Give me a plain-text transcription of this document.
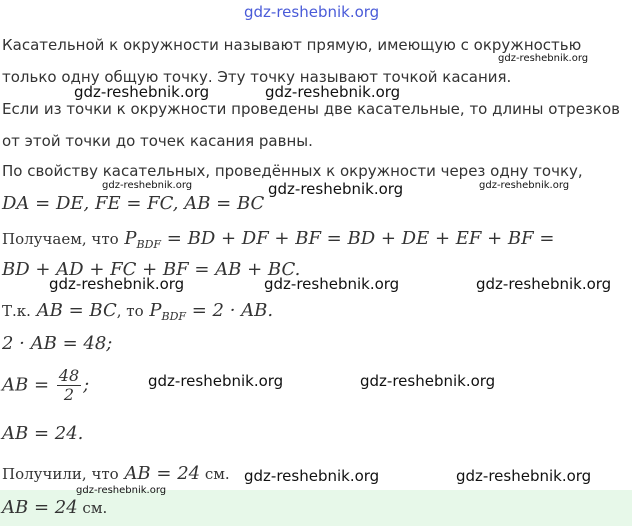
gdz-reshebnik.org
Касательной к окружности называют прямую, имеющую с окружностью
только одну общую точку. Эту точку называют точкой касания.
Если из точки к окружности проведены две касательные, то длины отрезков
от этой точки до точек касания равны.
По свойству касательных, проведённых к окружности через одну точку,
DA = DE, FE = FC, AB = BC
Получаем, что $P_{BDF}$ = BD + DF + BF = BD + DE + EF + BF =
BD + AD + FC + BF = AB + BC.
Т.к. AB = BC, то $P_{BDF} = 2$ · AB.
2 · AB = 48;
AB = $\frac{48}{2}$ ;
AB = 24.
Получили, что AB = 24 см.
AB = 24 см.
gdz-reshebnik.org
gdz-reshebnik.org	gdz-reshebnik.org
gdz-reshebnik.org	gdz-reshebnik.org	gdz-reshebnik.org
gdz-reshebnik.org	gdz-reshebnik.org	gdz-reshebnik.org
gdz-reshebnik.org	gdz-reshebnik.org
gdz-reshebnik.org	gdz-reshebnik.org
gdz-reshebnik.org
